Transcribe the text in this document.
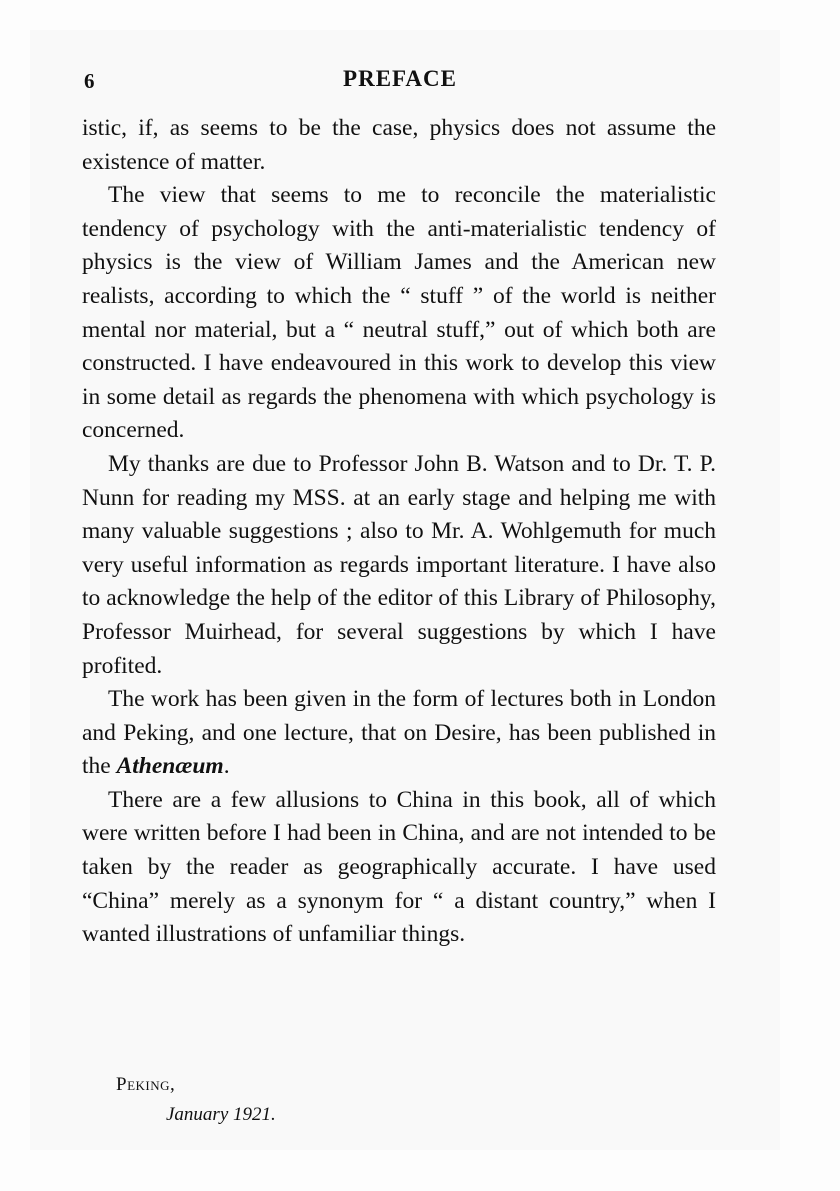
6	PREFACE

istic, if, as seems to be the case, physics does not assume the existence of matter.

The view that seems to me to reconcile the materialistic tendency of psychology with the anti-materialistic tendency of physics is the view of William James and the American new realists, according to which the “ stuff ” of the world is neither mental nor material, but a “ neutral stuff,” out of which both are constructed. I have endeavoured in this work to develop this view in some detail as regards the phenomena with which psychology is concerned.

My thanks are due to Professor John B. Watson and to Dr. T. P. Nunn for reading my MSS. at an early stage and helping me with many valuable suggestions ; also to Mr. A. Wohlgemuth for much very useful information as regards important literature. I have also to acknowledge the help of the editor of this Library of Philosophy, Professor Muirhead, for several suggestions by which I have profited.

The work has been given in the form of lectures both in London and Peking, and one lecture, that on Desire, has been published in the Athenæum.

There are a few allusions to China in this book, all of which were written before I had been in China, and are not intended to be taken by the reader as geographically accurate. I have used “China” merely as a synonym for “ a distant country,” when I wanted illustrations of unfamiliar things.

Peking,
January 1921.
